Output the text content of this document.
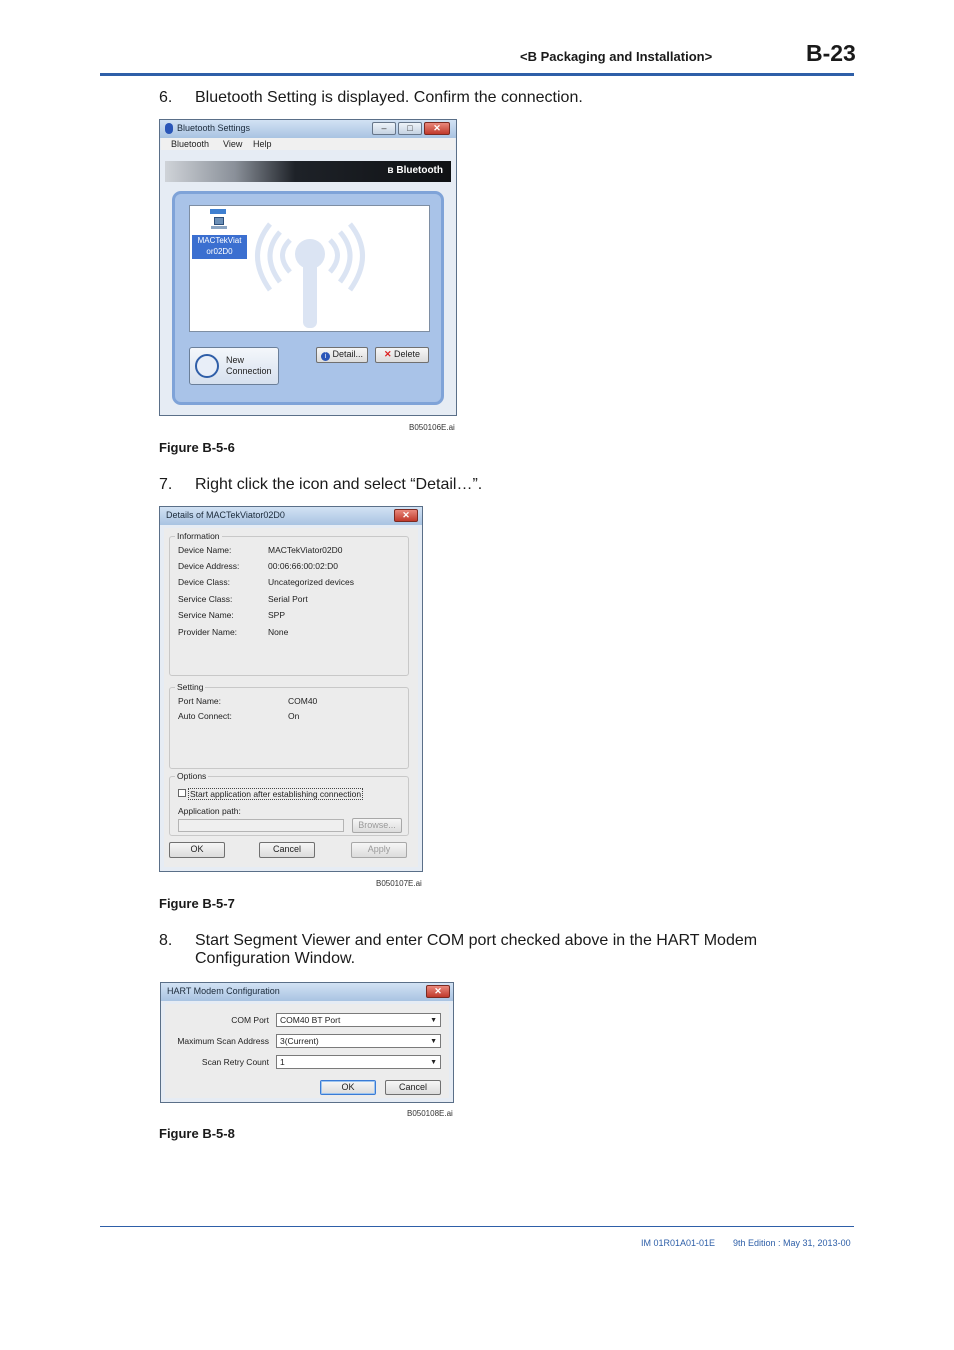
<B Packaging and Installation>	B-23
6.	Bluetooth Setting is displayed. Confirm the connection.
Bluetooth Settings	–	□	✕
Bluetooth View Help
ʙ Bluetooth
MACTekViat
or02D0
New
Connection
i Detail...	✕ Delete
B050106E.ai
Figure B-5-6
7.	Right click the icon and select “Detail…”.
Details of MACTekViator02D0	✕
Information
Device Name:	MACTekViator02D0
Device Address:	00:06:66:00:02:D0
Device Class:	Uncategorized devices
Service Class:	Serial Port
Service Name:	SPP
Provider Name:	None
Setting
Port Name:	COM40
Auto Connect:	On
Options
Start application after establishing connection
Application path:
Browse...
OK	Cancel	Apply
B050107E.ai
Figure B-5-7
8.	Start Segment Viewer and enter COM port checked above in the HART Modem
Configuration Window.
HART Modem Configuration	✕
COM Port	COM40 BT Port	▼
Maximum Scan Address	3(Current)	▼
Scan Retry Count	1	▼
OK	Cancel
B050108E.ai
Figure B-5-8
IM 01R01A01-01E 9th Edition : May 31, 2013-00
